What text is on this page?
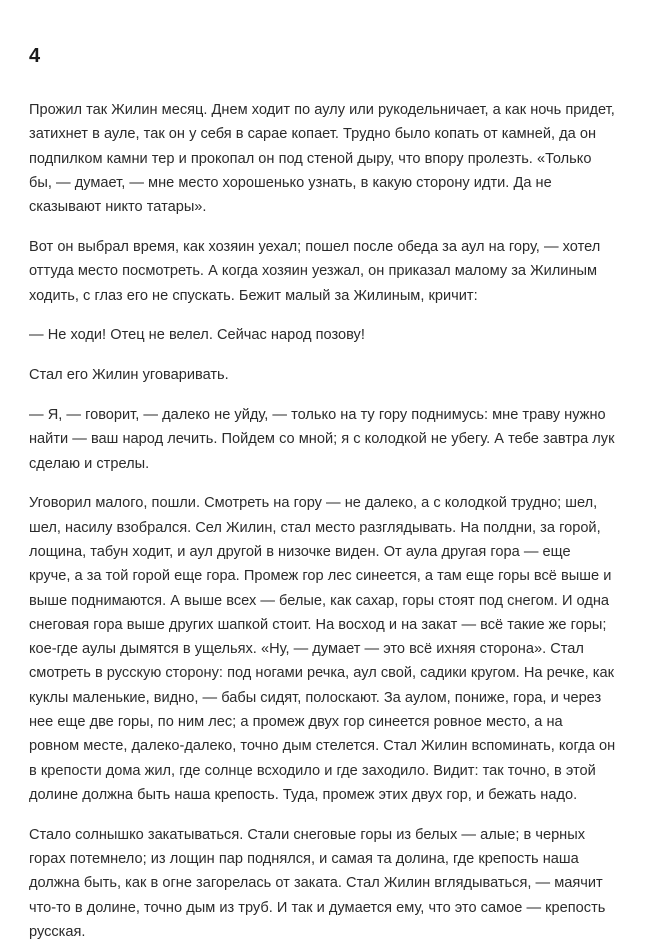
4

Прожил так Жилин месяц. Днем ходит по аулу или рукодельничает, а как ночь придет, затихнет в ауле, так он у себя в сарае копает. Трудно было копать от камней, да он подпилком камни тер и прокопал он под стеной дыру, что впору пролезть. «Только бы, — думает, — мне место хорошенько узнать, в какую сторону идти. Да не сказывают никто татары».

Вот он выбрал время, как хозяин уехал; пошел после обеда за аул на гору, — хотел оттуда место посмотреть. А когда хозяин уезжал, он приказал малому за Жилиным ходить, с глаз его не спускать. Бежит малый за Жилиным, кричит:

— Не ходи! Отец не велел. Сейчас народ позову!

Стал его Жилин уговаривать.

— Я, — говорит, — далеко не уйду, — только на ту гору поднимусь: мне траву нужно найти — ваш народ лечить. Пойдем со мной; я с колодкой не убегу. А тебе завтра лук сделаю и стрелы.

Уговорил малого, пошли. Смотреть на гору — не далеко, а с колодкой трудно; шел, шел, насилу взобрался. Сел Жилин, стал место разглядывать. На полдни, за горой, лощина, табун ходит, и аул другой в низочке виден. От аула другая гора — еще круче, а за той горой еще гора. Промеж гор лес синеется, а там еще горы всё выше и выше поднимаются. А выше всех — белые, как сахар, горы стоят под снегом. И одна снеговая гора выше других шапкой стоит. На восход и на закат — всё такие же горы; кое-где аулы дымятся в ущельях. «Ну, — думает — это всё ихняя сторона». Стал смотреть в русскую сторону: под ногами речка, аул свой, садики кругом. На речке, как куклы маленькие, видно, — бабы сидят, полоскают. За аулом, пониже, гора, и через нее еще две горы, по ним лес; а промеж двух гор синеется ровное место, а на ровном месте, далеко-далеко, точно дым стелется. Стал Жилин вспоминать, когда он в крепости дома жил, где солнце всходило и где заходило. Видит: так точно, в этой долине должна быть наша крепость. Туда, промеж этих двух гор, и бежать надо.

Стало солнышко закатываться. Стали снеговые горы из белых — алые; в черных горах потемнело; из лощин пар поднялся, и самая та долина, где крепость наша должна быть, как в огне загорелась от заката. Стал Жилин вглядываться, — маячит что-то в долине, точно дым из труб. И так и думается ему, что это самое — крепость русская.
